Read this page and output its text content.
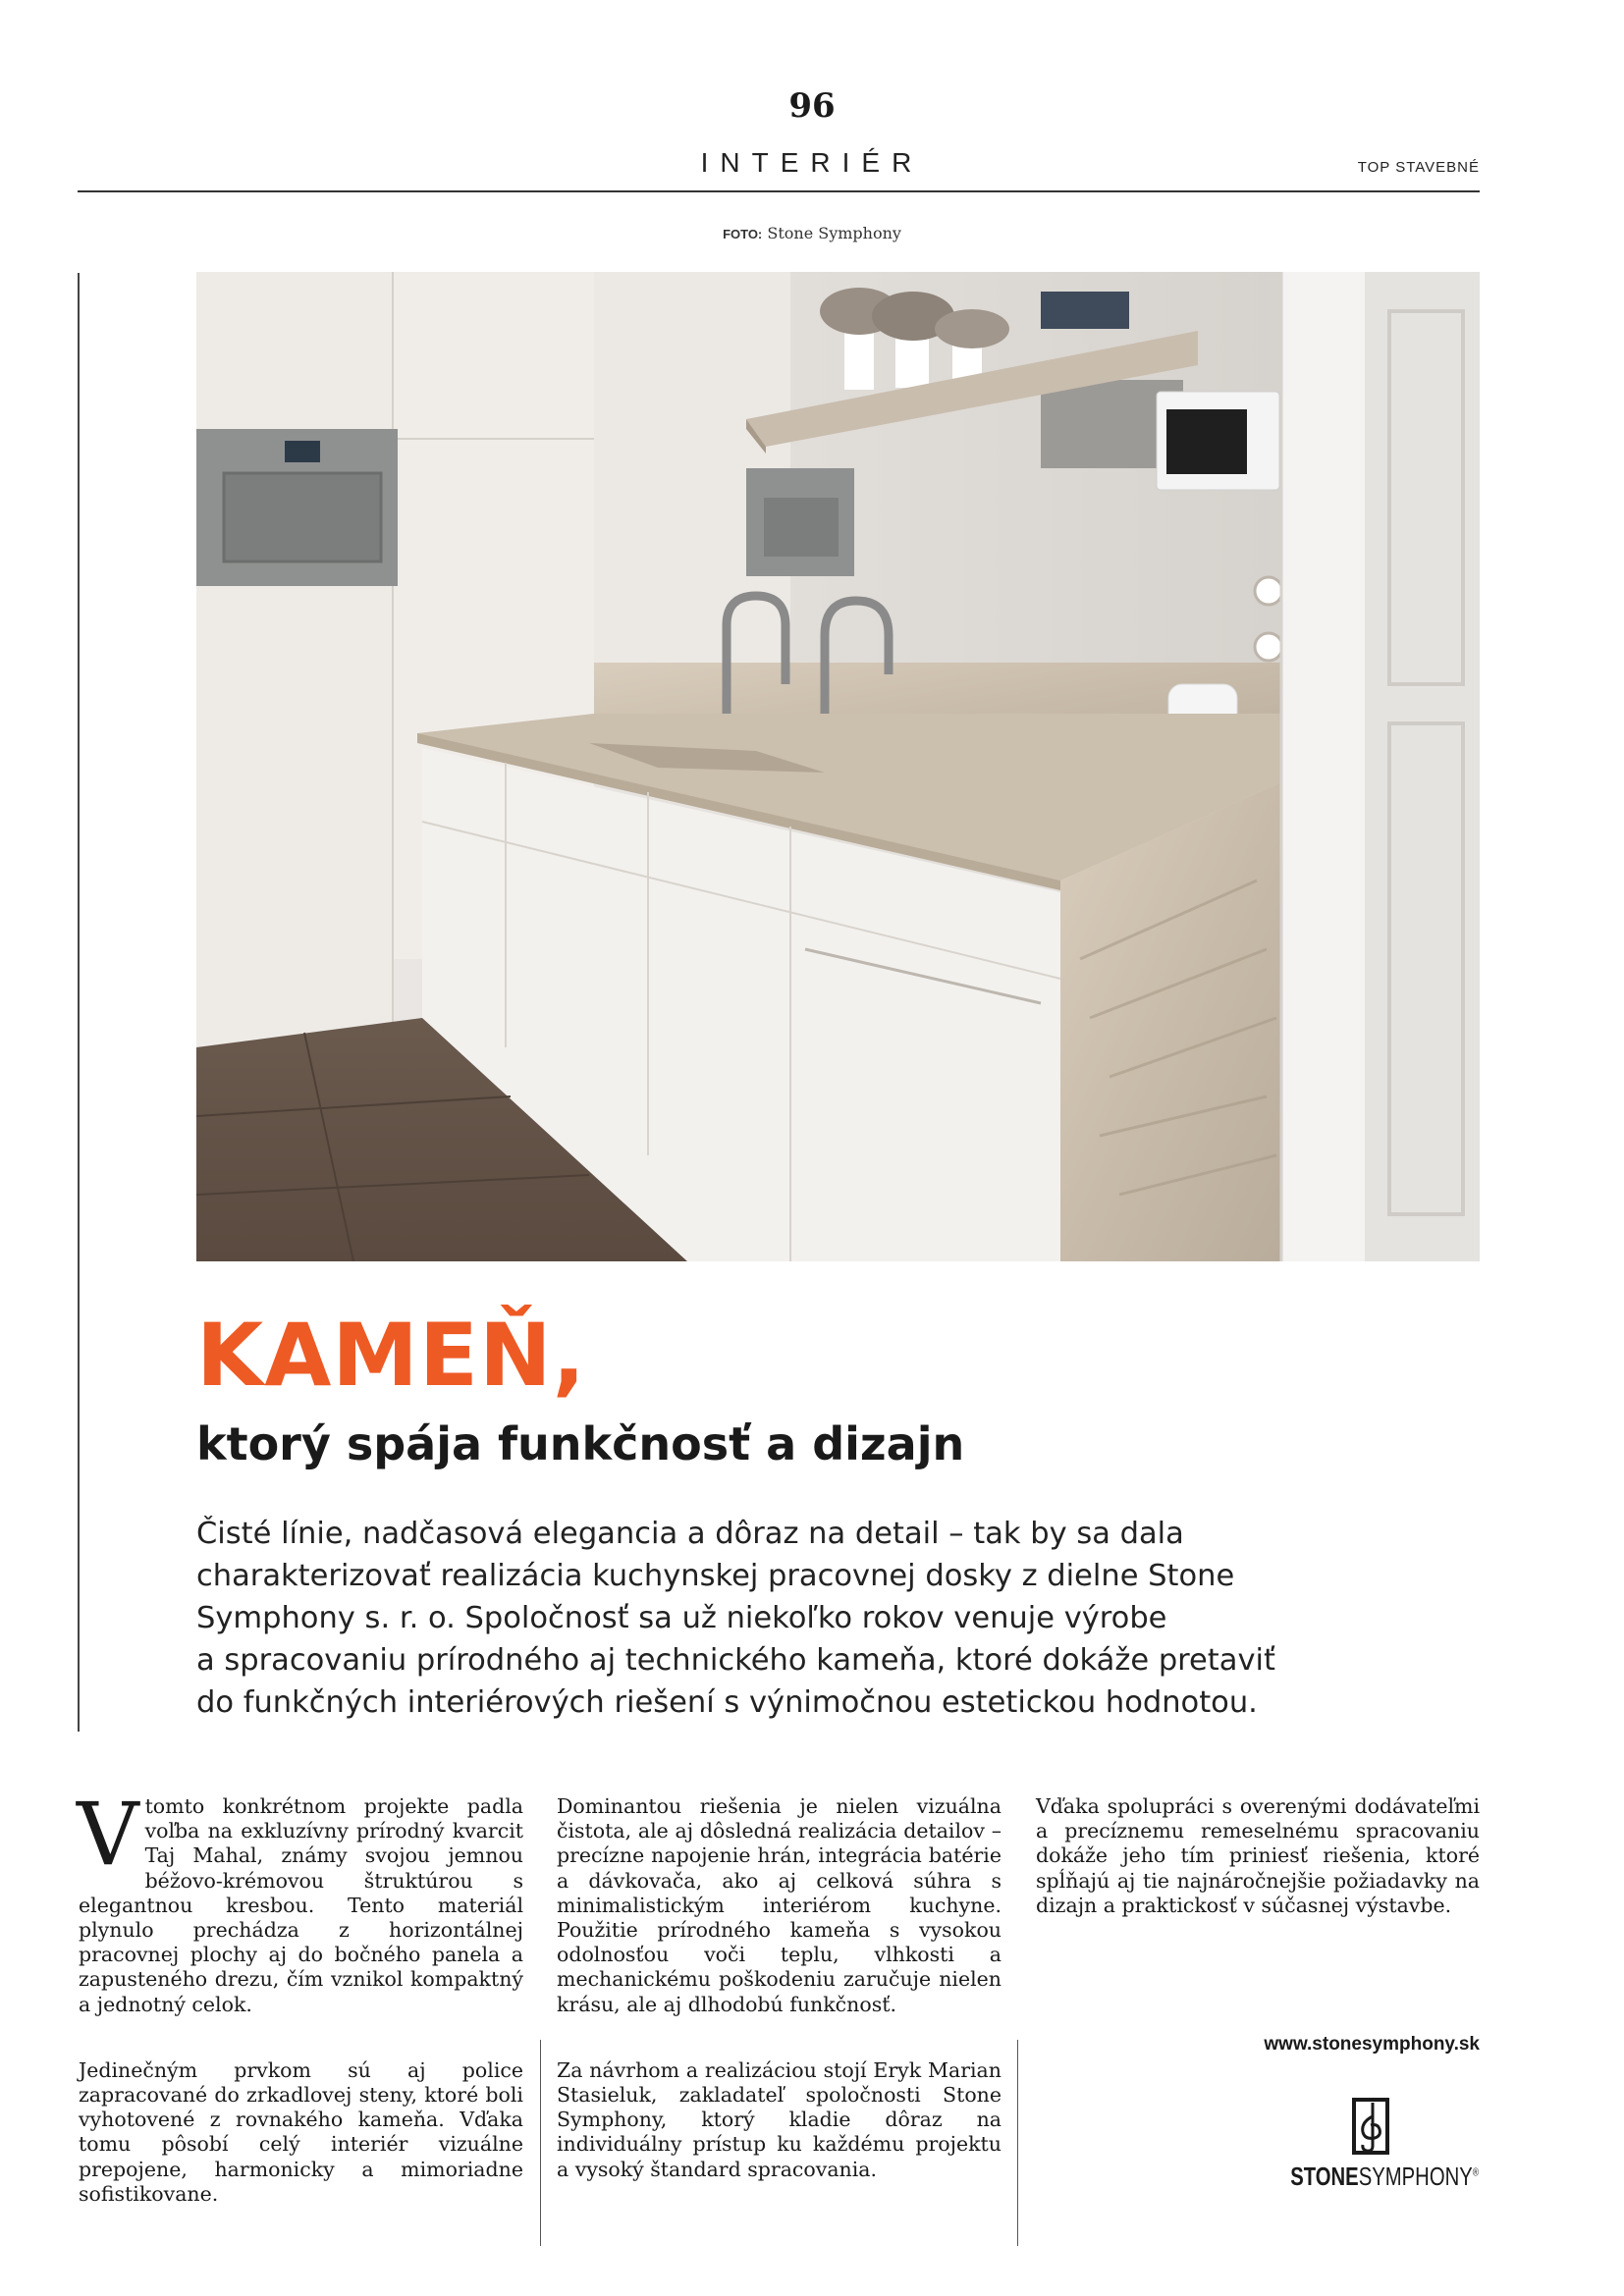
96
INTERIÉR	TOP STAVEBNÉ
FOTO: Stone Symphony
KAMEŇ,
ktorý spája funkčnosť a dizajn

Čisté línie, nadčasová elegancia a dôraz na detail – tak by sa dala

charakterizovať realizácia kuchynskej pracovnej dosky z dielne Stone

Symphony s. r. o. Spoločnosť sa už niekoľko rokov venuje výrobe

a spracovaniu prírodného aj technického kameňa, ktoré dokáže pretaviť

do funkčných interiérových riešení s výnimočnou estetickou hodnotou.

Vtomto konkrétnom projekte padla voľba na exkluzívny prírodný kvarcit Taj Mahal, známy svojou jemnou béžovo-krémovou štruktúrou s elegantnou kresbou. Tento materiál plynulo prechádza z horizontálnej pracovnej plochy aj do bočného panela a zapusteného drezu, čím vznikol kompaktný a jednotný celok.

Jedinečným prvkom sú aj police zapracované do zrkadlovej steny, ktoré boli vyhotovené z rovnakého kameňa. Vďaka tomu pôsobí celý interiér vizuálne prepojene, harmonicky a mimoriadne sofistikovane.

Dominantou riešenia je nielen vizuálna čistota, ale aj dôsledná realizácia detailov – precízne napojenie hrán, integrácia batérie a dávkovača, ako aj celková súhra s minimalistickým interiérom kuchyne. Použitie prírodného kameňa s vysokou odolnosťou voči teplu, vlhkosti a mechanickému poškodeniu zaručuje nielen krásu, ale aj dlhodobú funkčnosť.

Za návrhom a realizáciou stojí Eryk Marian Stasieluk, zakladateľ spoločnosti Stone Symphony, ktorý kladie dôraz na individuálny prístup ku každému projektu a vysoký štandard spracovania.

Vďaka spolupráci s overenými dodávateľmi a precíznemu remeselnému spracovaniu dokáže jeho tím priniesť riešenia, ktoré spĺňajú aj tie najnáročnejšie požiadavky na dizajn a praktickosť v súčasnej výstavbe.

www.stonesymphony.sk
STONESYMPHONY®
